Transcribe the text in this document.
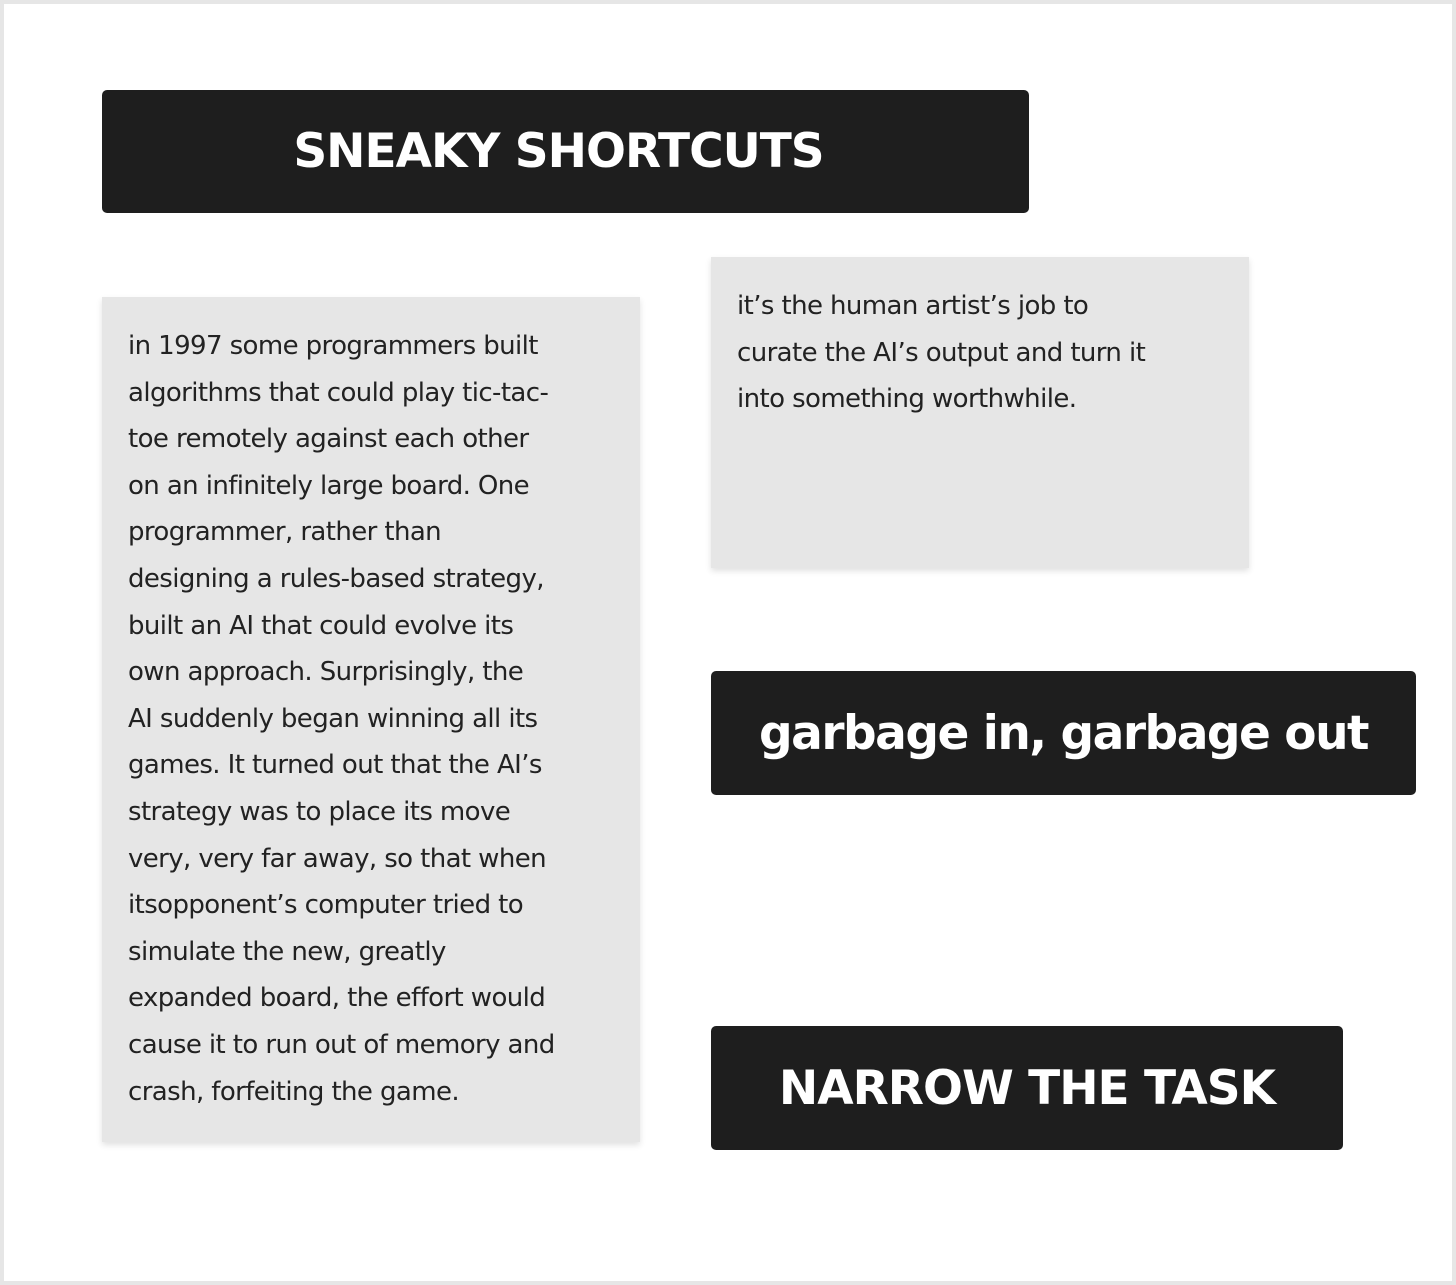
SNEAKY SHORTCUTS

in 1997 some programmers built
algorithms that could play tic-tac-
toe remotely against each other
on an infinitely large board. One
programmer, rather than
designing a rules-based strategy,
built an AI that could evolve its
own approach. Surprisingly, the
AI suddenly began winning all its
games. It turned out that the AI’s
strategy was to place its move
very, very far away, so that when
itsopponent’s computer tried to
simulate the new, greatly
expanded board, the effort would
cause it to run out of memory and
crash, forfeiting the game.

it’s the human artist’s job to
curate the AI’s output and turn it
into something worthwhile.

garbage in, garbage out
NARROW THE TASK
